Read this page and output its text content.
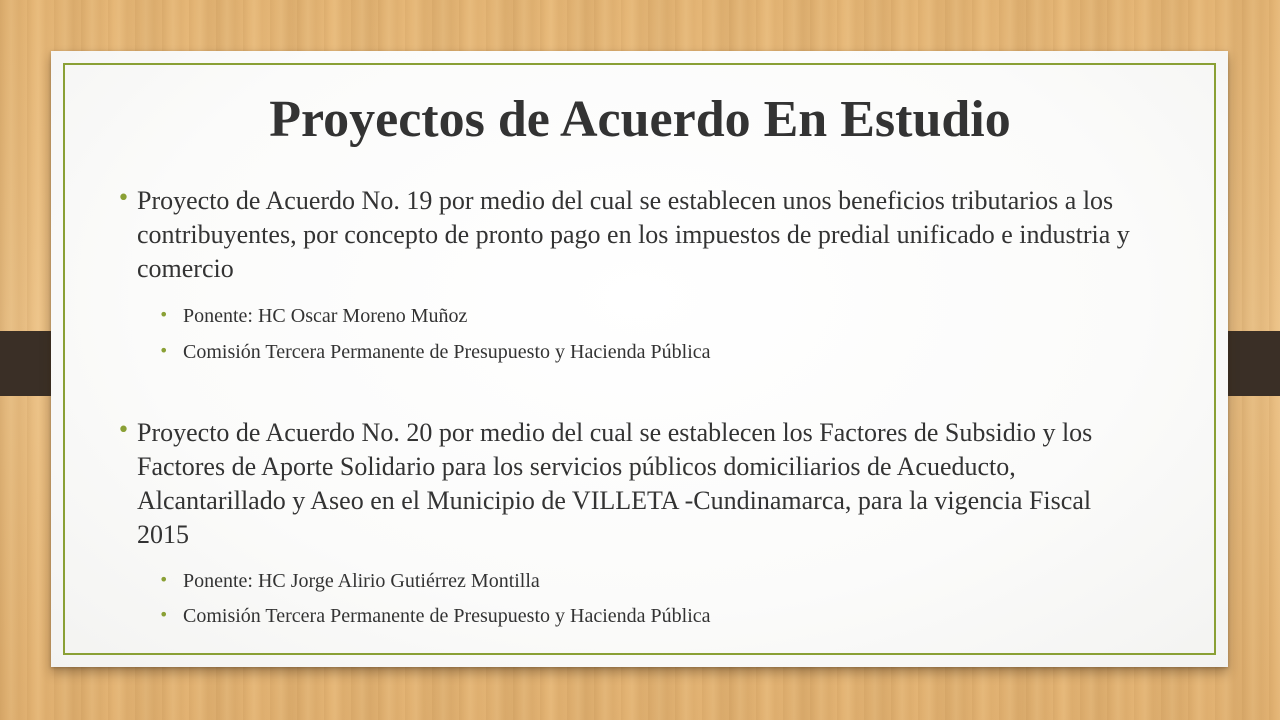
Proyectos de Acuerdo En Estudio
• Proyecto de Acuerdo No. 19 por medio del cual se establecen unos beneficios tributarios a los contribuyentes, por concepto de pronto pago en los impuestos de predial unificado e industria y comercio
• Ponente: HC Oscar Moreno Muñoz
• Comisión Tercera Permanente de Presupuesto y Hacienda Pública
• Proyecto de Acuerdo No. 20 por medio del cual se establecen los Factores de Subsidio y los Factores de Aporte Solidario para los servicios públicos domiciliarios de Acueducto, Alcantarillado y Aseo en el Municipio de VILLETA -Cundinamarca, para la vigencia Fiscal 2015
• Ponente: HC Jorge Alirio Gutiérrez Montilla
• Comisión Tercera Permanente de Presupuesto y Hacienda Pública
